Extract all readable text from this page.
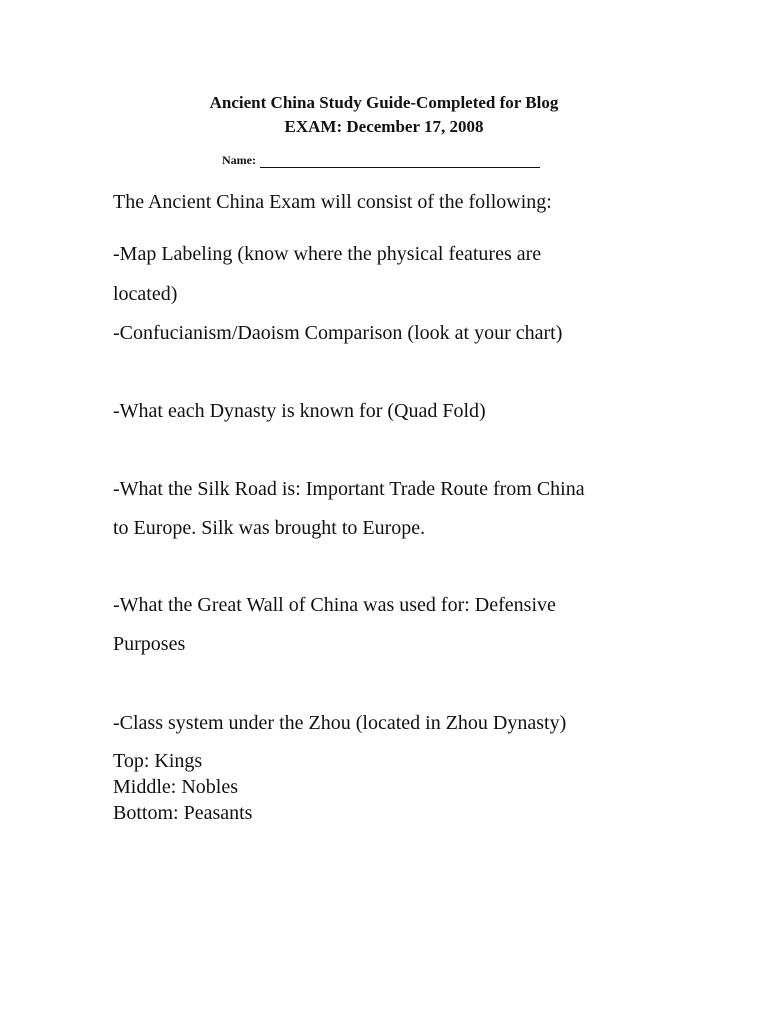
Ancient China Study Guide-Completed for Blog
EXAM: December 17, 2008
Name:
The Ancient China Exam will consist of the following:
-Map Labeling (know where the physical features are
located)
-Confucianism/Daoism Comparison (look at your chart)
-What each Dynasty is known for (Quad Fold)
-What the Silk Road is: Important Trade Route from China
to Europe. Silk was brought to Europe.
-What the Great Wall of China was used for: Defensive
Purposes
-Class system under the Zhou (located in Zhou Dynasty)
Top: Kings
Middle: Nobles
Bottom: Peasants
